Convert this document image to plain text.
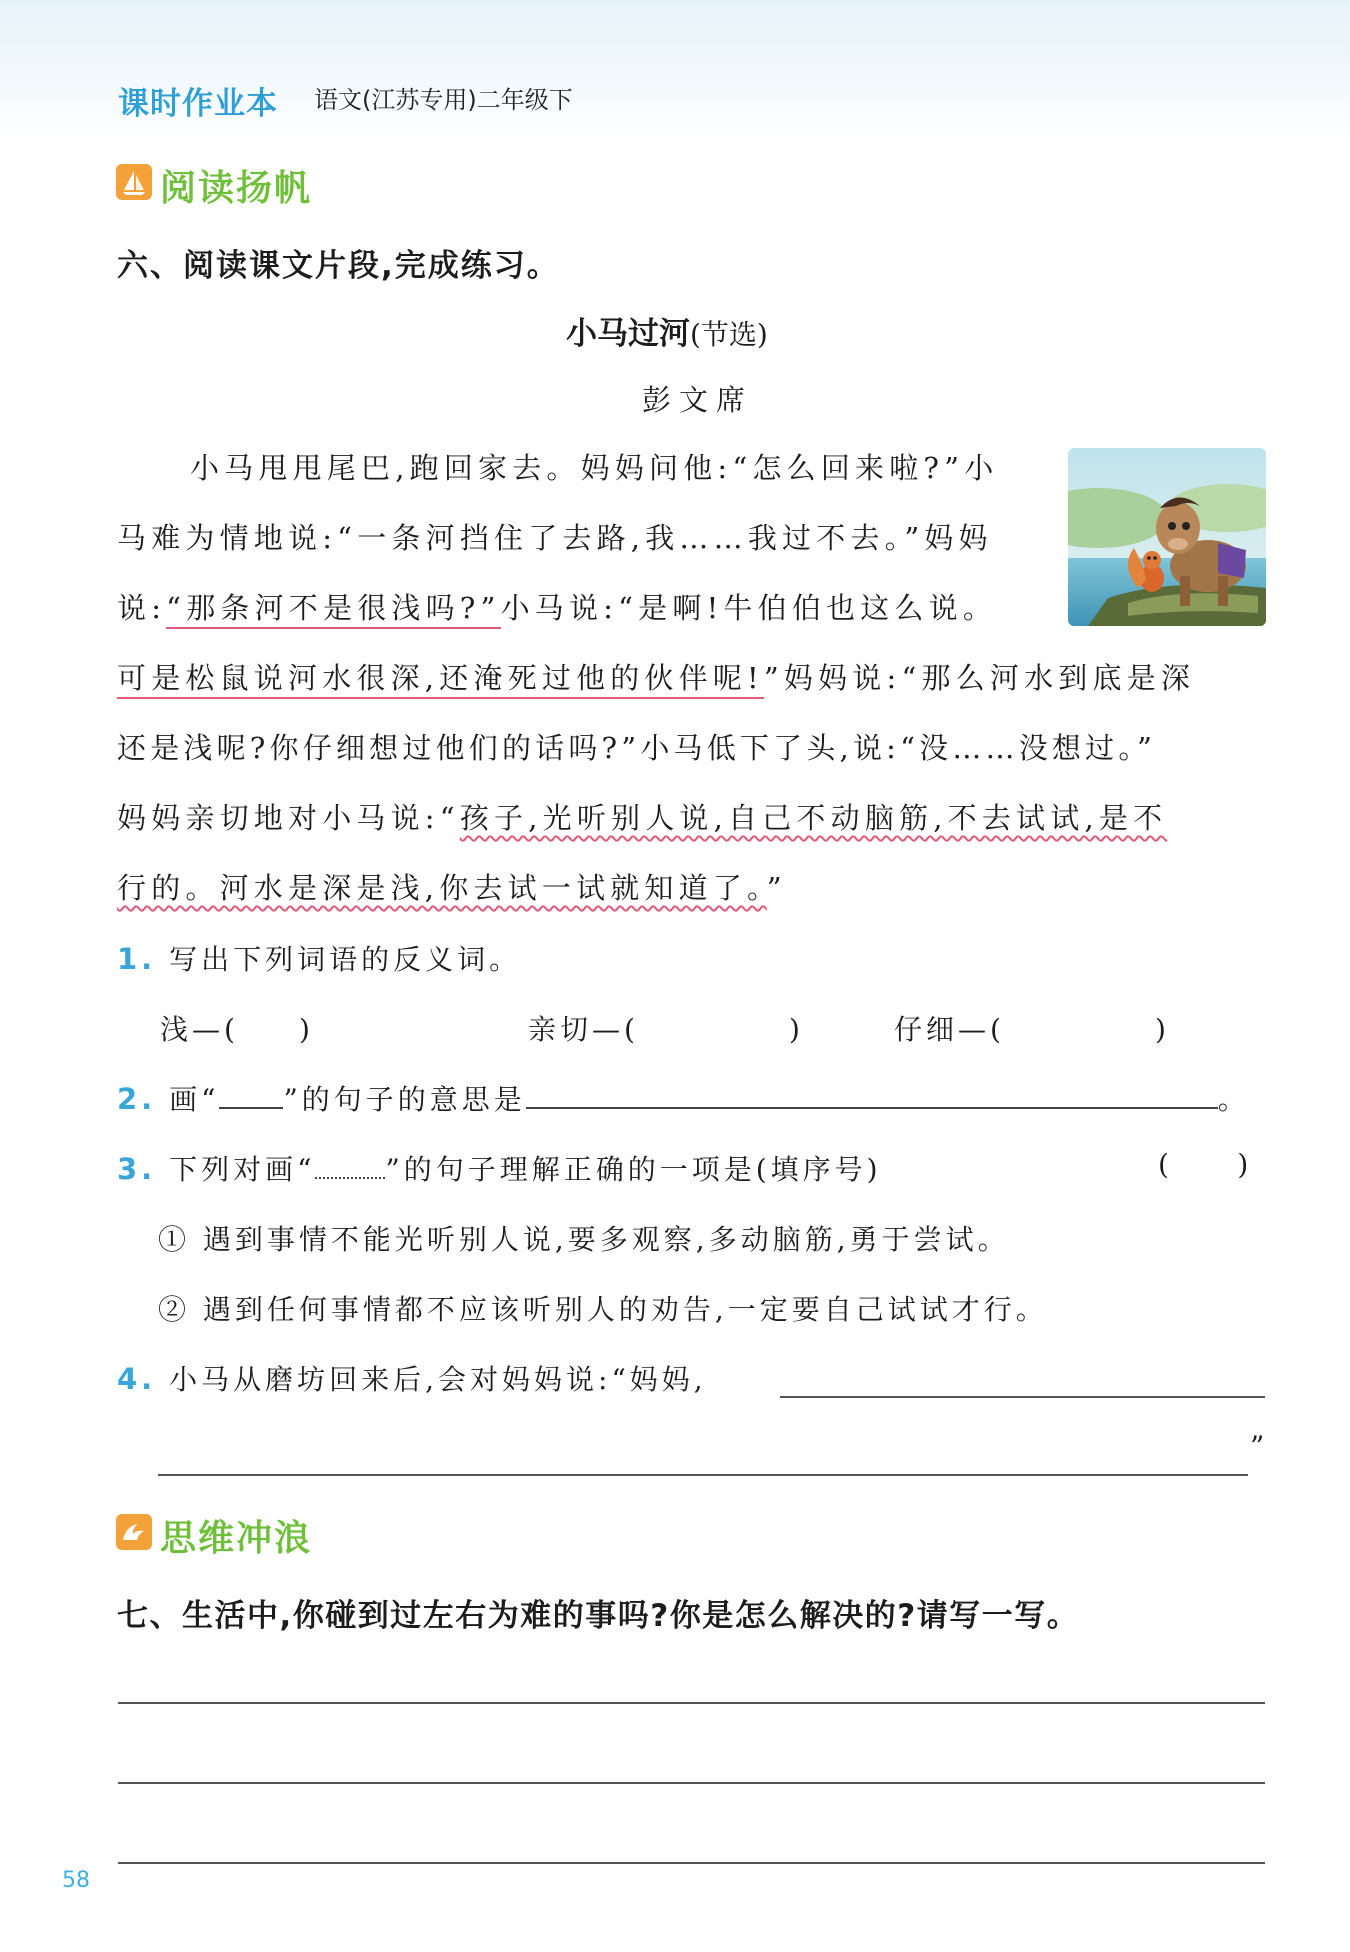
课时作业本 语文(江苏专用)二年级下
阅读扬帆
六、阅读课文片段,完成练习。
小马过河(节选)
彭文席
小马甩甩尾巴,跑回家去。妈妈问他:“怎么回来啦?”小
马难为情地说:“一条河挡住了去路,我……我过不去。”妈妈
说:“那条河不是很浅吗?”小马说:“是啊!牛伯伯也这么说。
可是松鼠说河水很深,还淹死过他的伙伴呢!”妈妈说:“那么河水到底是深
还是浅呢?你仔细想过他们的话吗?”小马低下了头,说:“没……没想过。”
妈妈亲切地对小马说:“孩子,光听别人说,自己不动脑筋,不去试试,是不
行的。河水是深是浅,你去试一试就知道了。”
1. 写出下列词语的反义词。
浅—( )	亲切—(	)	仔细—(	)
2. 画“ ”的句子的意思是	。
3. 下列对画“	”的句子理解正确的一项是(填序号)	(     )
① 遇到事情不能光听别人说,要多观察,多动脑筋,勇于尝试。
② 遇到任何事情都不应该听别人的劝告,一定要自己试试才行。
4. 小马从磨坊回来后,会对妈妈说:“妈妈,
”
思维冲浪
七、生活中,你碰到过左右为难的事吗?你是怎么解决的?请写一写。
58
